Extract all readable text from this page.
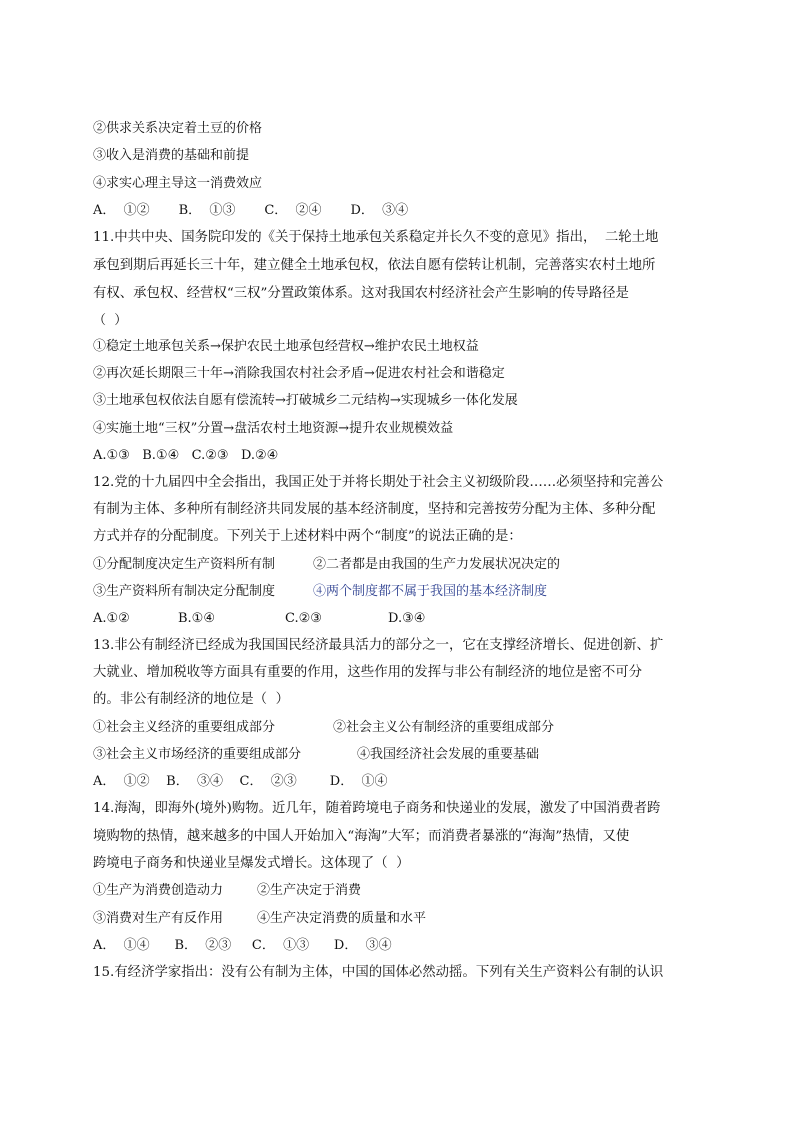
②供求关系决定着土豆的价格
③收入是消费的基础和前提
④求实心理主导这一消费效应
A．  ①②       B．  ①③       C．  ②④       D．  ③④
11.中共中央、国务院印发的《关于保持土地承包关系稳定并长久不变的意见》指出，  二轮土地
承包到期后再延长三十年，建立健全土地承包权，依法自愿有偿转让机制，完善落实农村土地所
有权、承包权、经营权“三权”分置政策体系。这对我国农村经济社会产生影响的传导路径是
（  ）
①稳定土地承包关系→保护农民土地承包经营权→维护农民土地权益
②再次延长期限三十年→消除我国农村社会矛盾→促进农村社会和谐稳定
③土地承包权依法自愿有偿流转→打破城乡二元结构→实现城乡一体化发展
④实施土地“三权”分置→盘活农村土地资源→提升农业规模效益
A.①③   B.①④   C.②③   D.②④
12.党的十九届四中全会指出，我国正处于并将长期处于社会主义初级阶段……必须坚持和完善公
有制为主体、多种所有制经济共同发展的基本经济制度，坚持和完善按劳分配为主体、多种分配
方式并存的分配制度。下列关于上述材料中两个“制度”的说法正确的是：
①分配制度决定生产资料所有制	②二者都是由我国的生产力发展状况决定的
③生产资料所有制决定分配制度	④两个制度都不属于我国的基本经济制度
A.①②	B.①④	C.②③	D.③④
13.非公有制经济已经成为我国国民经济最具活力的部分之一，它在支撑经济增长、促进创新、扩
大就业、增加税收等方面具有重要的作用，这些作用的发挥与非公有制经济的地位是密不可分
的。非公有制经济的地位是（  ）
①社会主义经济的重要组成部分	②社会主义公有制经济的重要组成部分
③社会主义市场经济的重要组成部分	④我国经济社会发展的重要基础
A．  ①②    B．  ③④    C．  ②③        D．  ①④
14.海淘，即海外(境外)购物。近几年，随着跨境电子商务和快递业的发展，激发了中国消费者跨
境购物的热情，越来越多的中国人开始加入“海淘”大军；而消费者暴涨的“海淘”热情，又使
跨境电子商务和快递业呈爆发式增长。这体现了（  ）
①生产为消费创造动力	②生产决定于消费
③消费对生产有反作用	④生产决定消费的质量和水平
A．  ①④      B．  ②③     C．  ①③      D．  ③④
15.有经济学家指出：没有公有制为主体，中国的国体必然动摇。下列有关生产资料公有制的认识
